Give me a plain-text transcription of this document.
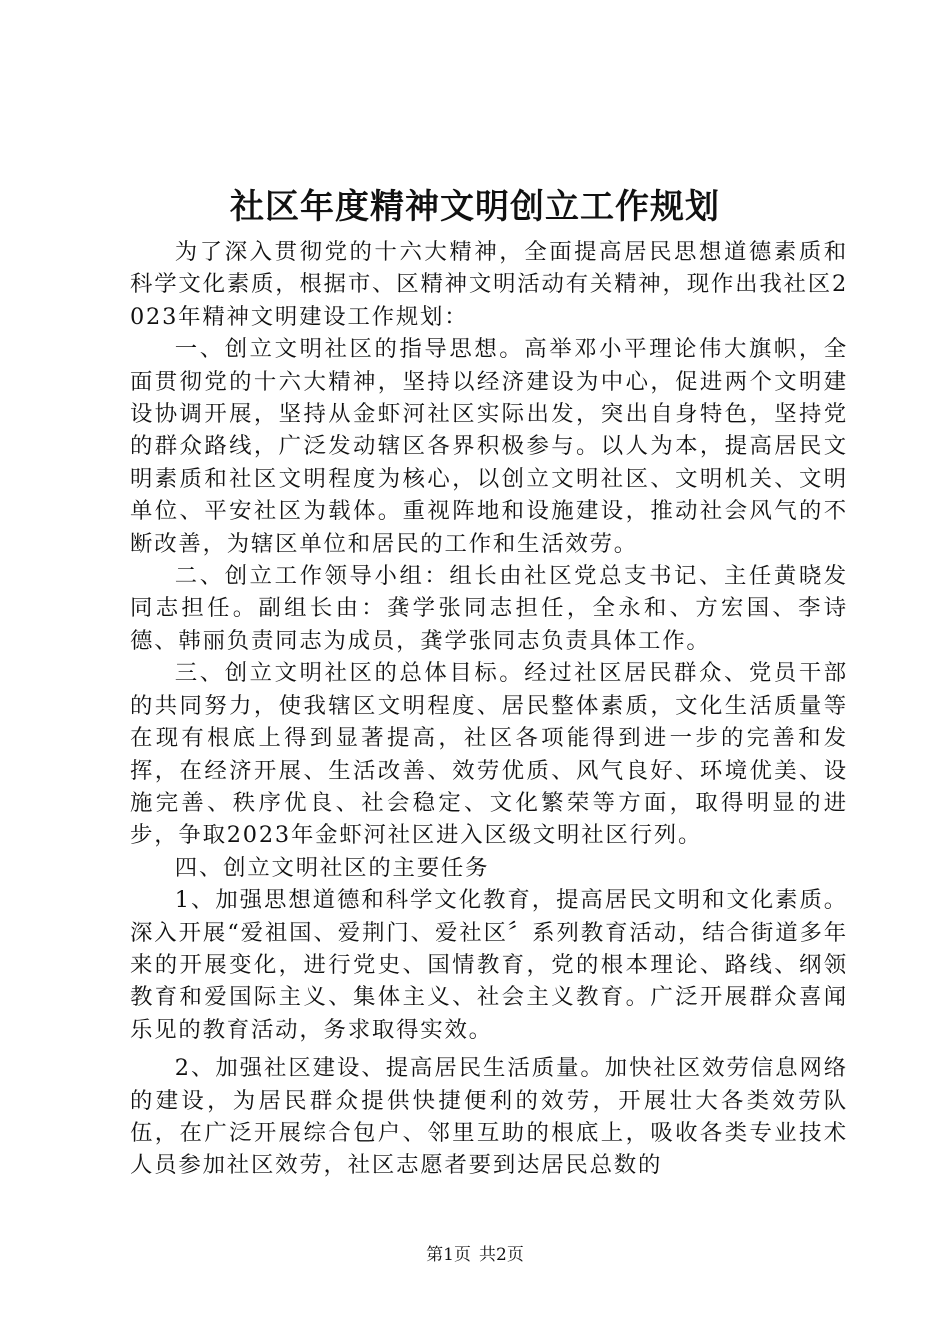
社区年度精神文明创立工作规划

为了深入贯彻党的十六大精神，全面提高居民思想道德素质和科学文化素质，根据市、区精神文明活动有关精神，现作出我社区2023年精神文明建设工作规划：

一、创立文明社区的指导思想。高举邓小平理论伟大旗帜，全面贯彻党的十六大精神，坚持以经济建设为中心，促进两个文明建设协调开展，坚持从金虾河社区实际出发，突出自身特色，坚持党的群众路线，广泛发动辖区各界积极参与。以人为本，提高居民文明素质和社区文明程度为核心，以创立文明社区、文明机关、文明单位、平安社区为载体。重视阵地和设施建设，推动社会风气的不断改善，为辖区单位和居民的工作和生活效劳。

二、创立工作领导小组：组长由社区党总支书记、主任黄晓发同志担任。副组长由：龚学张同志担任，全永和、方宏国、李诗德、韩丽负责同志为成员，龚学张同志负责具体工作。

三、创立文明社区的总体目标。经过社区居民群众、党员干部的共同努力，使我辖区文明程度、居民整体素质，文化生活质量等在现有根底上得到显著提高，社区各项能得到进一步的完善和发挥，在经济开展、生活改善、效劳优质、风气良好、环境优美、设施完善、秩序优良、社会稳定、文化繁荣等方面，取得明显的进步，争取2023年金虾河社区进入区级文明社区行列。

四、创立文明社区的主要任务

1、加强思想道德和科学文化教育，提高居民文明和文化素质。深入开展“爱祖国、爱荆门、爱社区〞系列教育活动，结合街道多年来的开展变化，进行党史、国情教育，党的根本理论、路线、纲领教育和爱国际主义、集体主义、社会主义教育。广泛开展群众喜闻乐见的教育活动，务求取得实效。

2、加强社区建设、提高居民生活质量。加快社区效劳信息网络的建设，为居民群众提供快捷便利的效劳，开展壮大各类效劳队伍，在广泛开展综合包户、邻里互助的根底上，吸收各类专业技术人员参加社区效劳，社区志愿者要到达居民总数的

第1页 共2页
